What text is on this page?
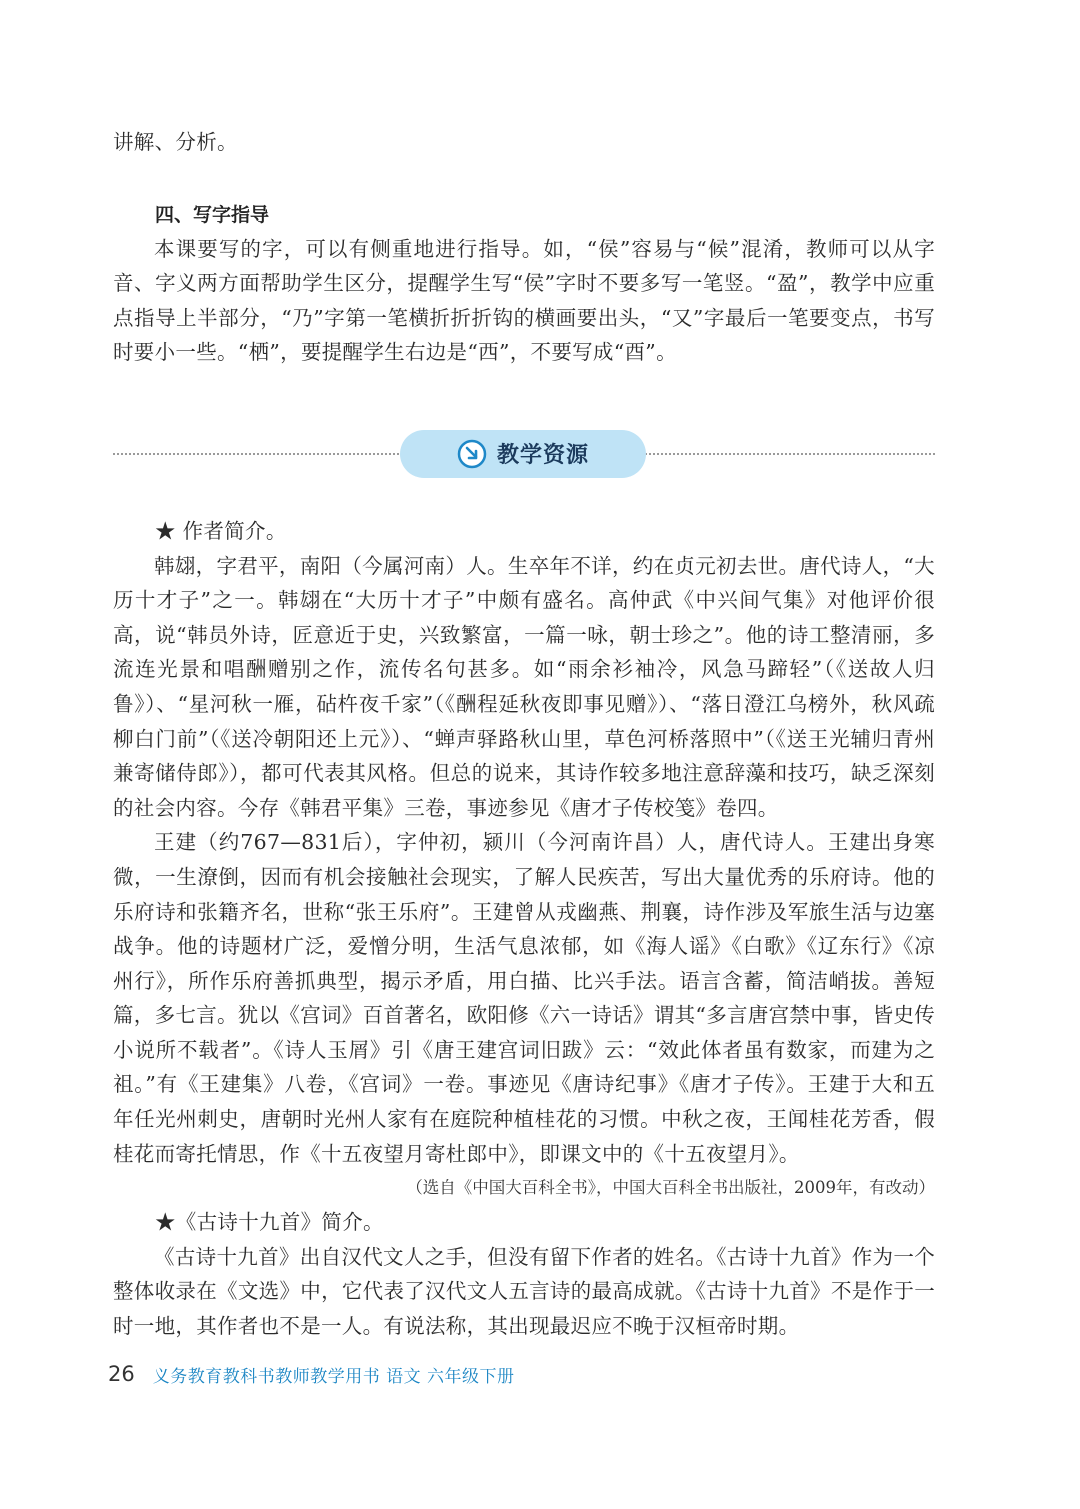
讲解、分析。

四、写字指导

本课要写的字，可以有侧重地进行指导。如，“侯”容易与“候”混淆，教师可以从字音、字义两方面帮助学生区分，提醒学生写“侯”字时不要多写一笔竖。“盈”，教学中应重点指导上半部分，“乃”字第一笔横折折折钩的横画要出头，“又”字最后一笔要变点，书写时要小一些。“栖”，要提醒学生右边是“西”，不要写成“酉”。

教学资源

★ 作者简介。

韩翃，字君平，南阳（今属河南）人。生卒年不详，约在贞元初去世。唐代诗人，“大历十才子”之一。韩翃在“大历十才子”中颇有盛名。高仲武《中兴间气集》对他评价很高，说“韩员外诗，匠意近于史，兴致繁富，一篇一咏，朝士珍之”。他的诗工整清丽，多流连光景和唱酬赠别之作，流传名句甚多。如“雨余衫袖冷，风急马蹄轻”（《送故人归鲁》）、“星河秋一雁，砧杵夜千家”（《酬程延秋夜即事见赠》）、“落日澄江乌榜外，秋风疏柳白门前”（《送冷朝阳还上元》）、“蝉声驿路秋山里，草色河桥落照中”（《送王光辅归青州兼寄储侍郎》），都可代表其风格。但总的说来，其诗作较多地注意辞藻和技巧，缺乏深刻的社会内容。今存《韩君平集》三卷，事迹参见《唐才子传校笺》卷四。

王建（约767—831后），字仲初，颍川（今河南许昌）人，唐代诗人。王建出身寒微，一生潦倒，因而有机会接触社会现实，了解人民疾苦，写出大量优秀的乐府诗。他的乐府诗和张籍齐名，世称“张王乐府”。王建曾从戎幽燕、荆襄，诗作涉及军旅生活与边塞战争。他的诗题材广泛，爱憎分明，生活气息浓郁，如《海人谣》《白歌》《辽东行》《凉州行》，所作乐府善抓典型，揭示矛盾，用白描、比兴手法。语言含蓄，简洁峭拔。善短篇，多七言。犹以《宫词》百首著名，欧阳修《六一诗话》谓其“多言唐宫禁中事，皆史传小说所不载者”。《诗人玉屑》引《唐王建宫词旧跋》云：“效此体者虽有数家，而建为之祖。”有《王建集》八卷，《宫词》一卷。事迹见《唐诗纪事》《唐才子传》。王建于大和五年任光州刺史，唐朝时光州人家有在庭院种植桂花的习惯。中秋之夜，王闻桂花芳香，假桂花而寄托情思，作《十五夜望月寄杜郎中》，即课文中的《十五夜望月》。

（选自《中国大百科全书》，中国大百科全书出版社，2009年，有改动）

★《古诗十九首》简介。

《古诗十九首》出自汉代文人之手，但没有留下作者的姓名。《古诗十九首》作为一个整体收录在《文选》中，它代表了汉代文人五言诗的最高成就。《古诗十九首》不是作于一时一地，其作者也不是一人。有说法称，其出现最迟应不晚于汉桓帝时期。

26 义务教育教科书教师教学用书 语文 六年级下册
